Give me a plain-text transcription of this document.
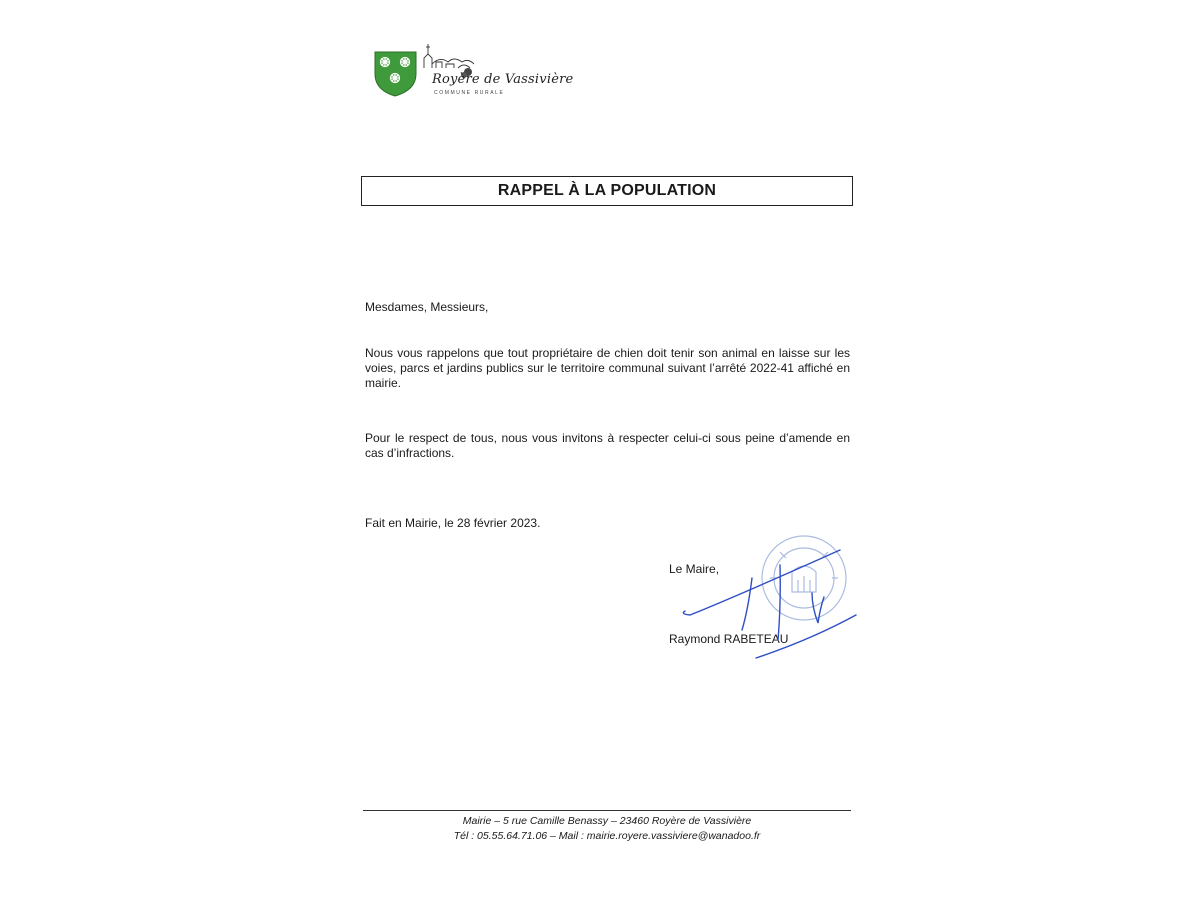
Royère de Vassivière
COMMUNE RURALE
RAPPEL À LA POPULATION

Mesdames, Messieurs,

Nous vous rappelons que tout propriétaire de chien doit tenir son animal en laisse sur les voies, parcs et jardins publics sur le territoire communal suivant l’arrêté 2022-41 affiché en mairie.

Pour le respect de tous, nous vous invitons à respecter celui-ci sous peine d’amende en cas d’infractions.

Fait en Mairie, le 28 février 2023.

Le Maire,
Raymond RABETEAU
Mairie – 5 rue Camille Benassy – 23460 Royère de Vassivière
Tél : 05.55.64.71.06 – Mail : mairie.royere.vassiviere@wanadoo.fr
